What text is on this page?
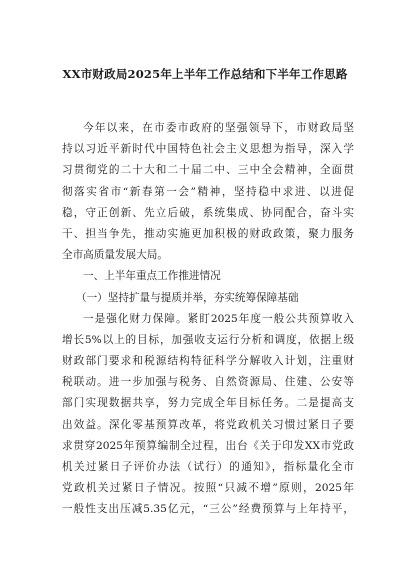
XX市财政局2025年上半年工作总结和下半年工作思路
今年以来，在市委市政府的坚强领导下，市财政局坚
持以习近平新时代中国特色社会主义思想为指导，深入学
习贯彻党的二十大和二十届二中、三中全会精神，全面贯
彻落实省市“新春第一会”精神，坚持稳中求进、以进促
稳，守正创新、先立后破，系统集成、协同配合，奋斗实
干、担当争先，推动实施更加积极的财政政策，聚力服务
全市高质量发展大局。
一、上半年重点工作推进情况
（一）坚持扩量与提质并举，夯实统筹保障基础
一是强化财力保障。紧盯2025年度一般公共预算收入
增长5%以上的目标，加强收支运行分析和调度，依据上级
财政部门要求和税源结构特征科学分解收入计划，注重财
税联动。进一步加强与税务、自然资源局、住建、公安等
部门实现数据共享，努力完成全年目标任务。二是提高支
出效益。深化零基预算改革，将党政机关习惯过紧日子要
求贯穿2025年预算编制全过程，出台《关于印发XX市党政
机关过紧日子评价办法（试行）的通知》，指标量化全市
党政机关过紧日子情况。按照“只减不增”原则，2025年
一般性支出压减5.35亿元，“三公”经费预算与上年持平，
